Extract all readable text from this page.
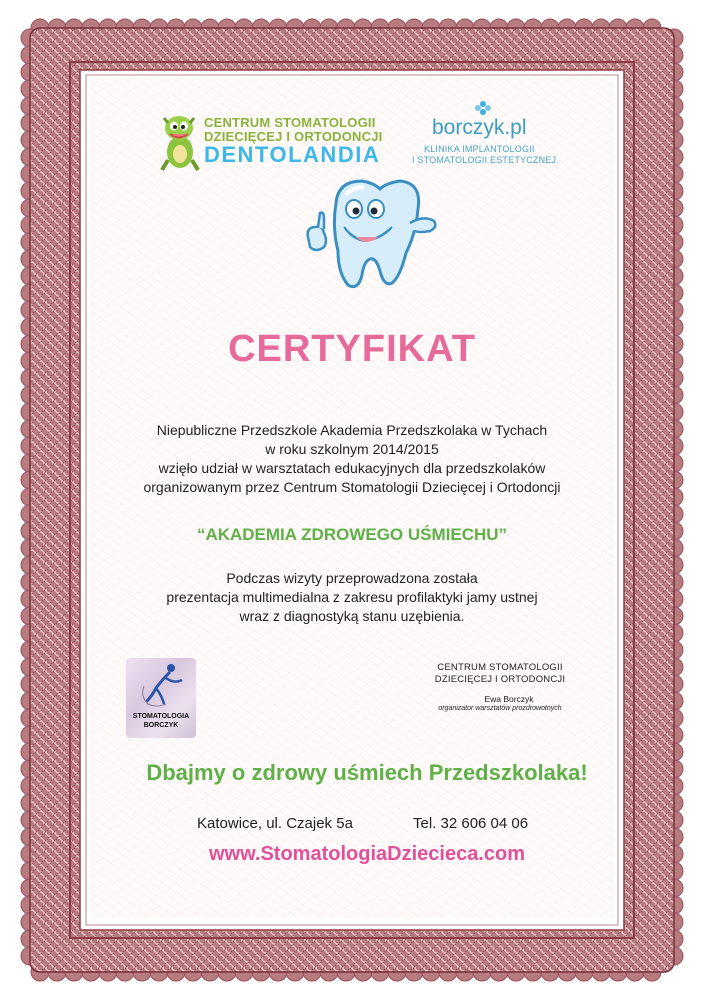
CENTRUM STOMATOLOGII
DZIECIĘCEJ I ORTODONCJI
DENTOLANDIA
borczyk.pl
KLINIKA IMPLANTOLOGII
I STOMATOLOGII ESTETYCZNEJ
CERTYFIKAT
Niepubliczne Przedszkole Akademia Przedszkolaka w Tychach
w roku szkolnym 2014/2015
wzięło udział w warsztatach edukacyjnych dla przedszkolaków
organizowanym przez Centrum Stomatologii Dziecięcej i Ortodoncji
“AKADEMIA ZDROWEGO UŚMIECHU”
Podczas wizyty przeprowadzona została
prezentacja multimedialna z zakresu profilaktyki jamy ustnej
wraz z diagnostyką stanu uzębienia.
STOMATOLOGIA
BORCZYK
CENTRUM STOMATOLOGII
DZIECIĘCEJ I ORTODONCJI
Ewa Borczyk
organizator warsztatów prozdrowotnych
Dbajmy o zdrowy uśmiech Przedszkolaka!
Katowice, ul. Czajek 5a	Tel. 32 606 04 06
www.StomatologiaDziecieca.com
